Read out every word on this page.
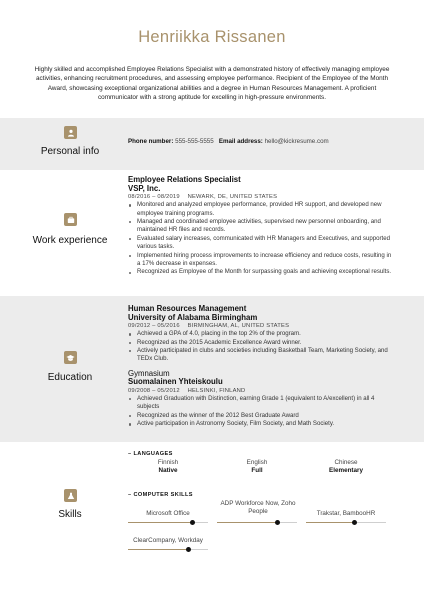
Henriikka Rissanen
Highly skilled and accomplished Employee Relations Specialist with a demonstrated history of effectively managing employee activities, enhancing recruitment procedures, and assessing employee performance. Recipient of the Employee of the Month Award, showcasing exceptional organizational abilities and a degree in Human Resources Management. A proficient communicator with a strong aptitude for excelling in high-pressure environments.
Personal info
Phone number: 555-555-5555 Email address: hello@kickresume.com
Work experience
Employee Relations Specialist
VSP, Inc.
08/2016 – 08/2019 NEWARK, DE, UNITED STATES
Monitored and analyzed employee performance, provided HR support, and developed new employee training programs.
Managed and coordinated employee activities, supervised new personnel onboarding, and maintained HR files and records.
Evaluated salary increases, communicated with HR Managers and Executives, and supported various tasks.
Implemented hiring process improvements to increase efficiency and reduce costs, resulting in a 17% decrease in expenses.
Recognized as Employee of the Month for surpassing goals and achieving exceptional results.
Education
Human Resources Management
University of Alabama Birmingham
09/2012 – 05/2016 BIRMINGHAM, AL, UNITED STATES
Achieved a GPA of 4.0, placing in the top 2% of the program.
Recognized as the 2015 Academic Excellence Award winner.
Actively participated in clubs and societies including Basketball Team, Marketing Society, and TEDx Club.
Gymnasium
Suomalainen Yhteiskoulu
09/2008 – 05/2012 HELSINKI, FINLAND
Achieved Graduation with Distinction, earning Grade 1 (equivalent to A/excellent) in all 4 subjects
Recognized as the winner of the 2012 Best Graduate Award
Active participation in Astronomy Society, Film Society, and Math Society.
Skills
– LANGUAGES
Finnish
Native
English
Full
Chinese
Elementary
– COMPUTER SKILLS
Microsoft Office
ADP Workforce Now, Zoho People	Trakstar, BambooHR
ClearCompany, Workday
